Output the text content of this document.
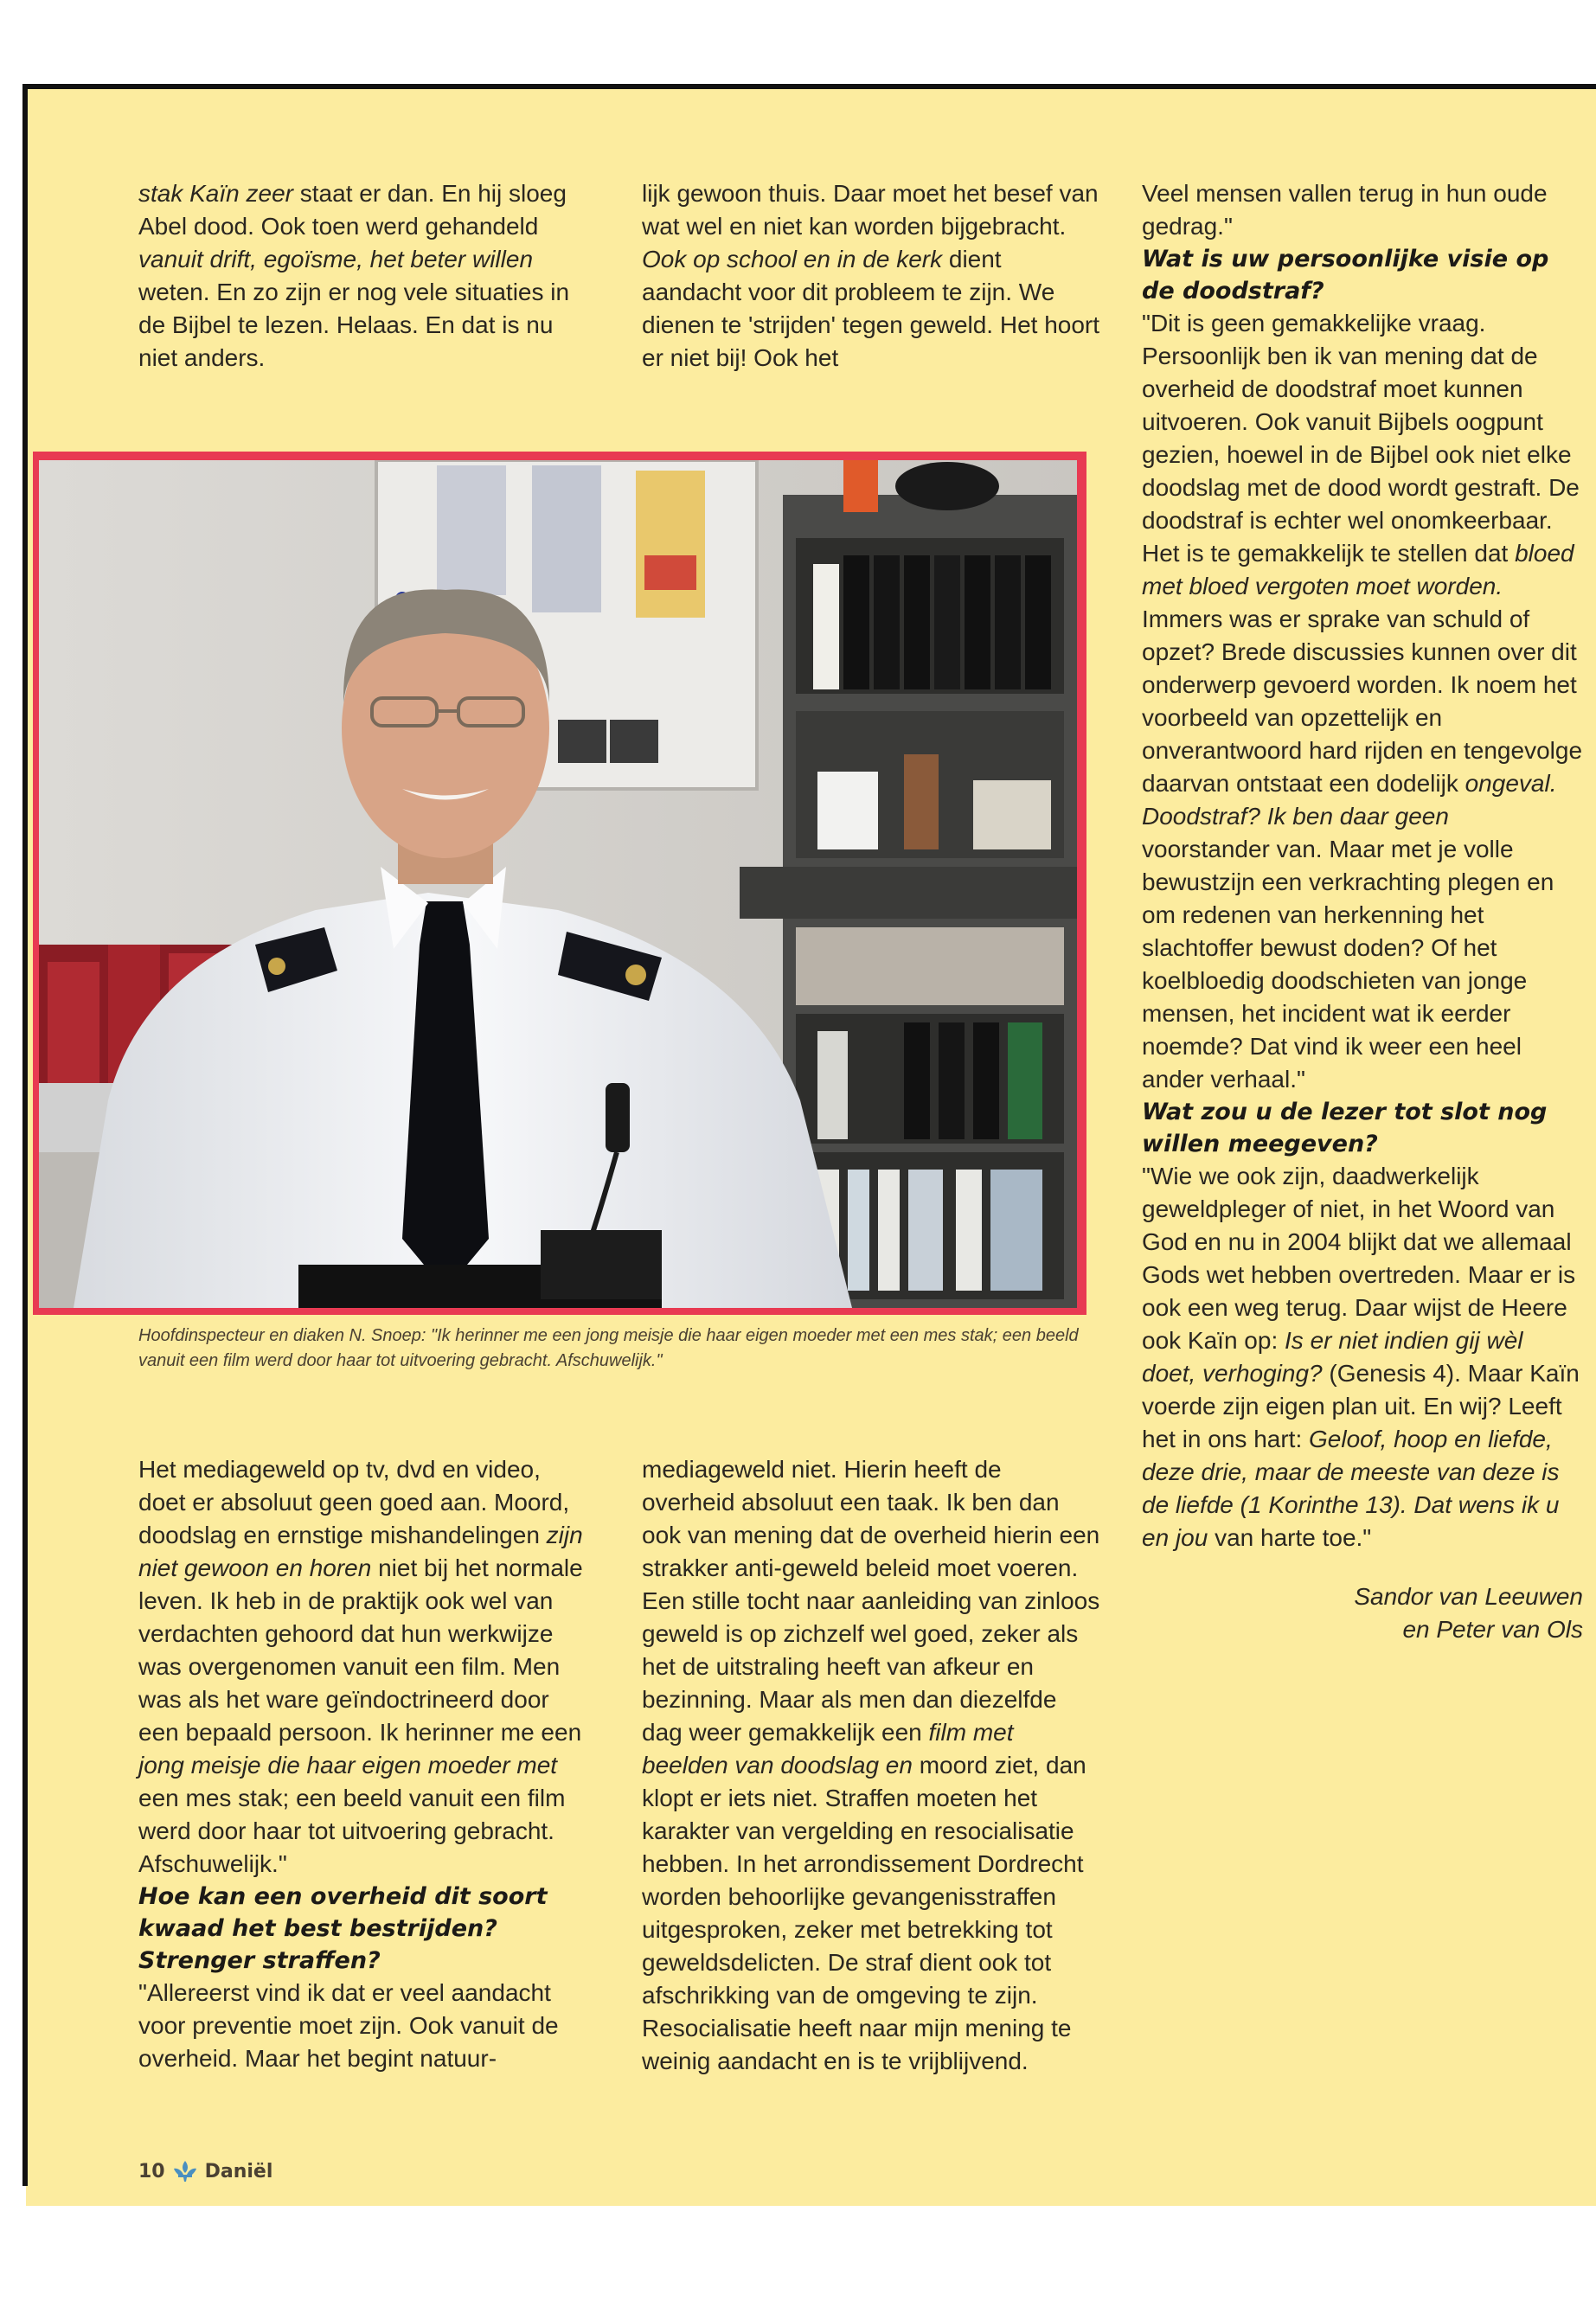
stak Kaïn zeer staat er dan. En hij sloeg Abel dood. Ook toen werd gehandeld vanuit drift, egoïsme, het beter willen weten. En zo zijn er nog vele situaties in de Bijbel te lezen. Helaas. En dat is nu niet anders.

lijk gewoon thuis. Daar moet het besef van wat wel en niet kan worden bijgebracht. Ook op school en in de kerk dient aandacht voor dit probleem te zijn. We dienen te 'strijden' tegen geweld. Het hoort er niet bij! Ook het

Veel mensen vallen terug in hun oude gedrag."

Wat is uw persoonlijke visie op de doodstraf?

"Dit is geen gemakkelijke vraag. Persoonlijk ben ik van mening dat de overheid de doodstraf moet kunnen uitvoeren. Ook vanuit Bijbels oogpunt gezien, hoewel in de Bijbel ook niet elke doodslag met de dood wordt gestraft. De doodstraf is echter wel onomkeerbaar. Het is te gemakkelijk te stellen dat bloed met bloed vergoten moet worden. Immers was er sprake van schuld of opzet? Brede discussies kunnen over dit onderwerp gevoerd worden. Ik noem het voorbeeld van opzettelijk en onverantwoord hard rijden en tengevolge daarvan ontstaat een dodelijk ongeval. Doodstraf? Ik ben daar geen voorstander van. Maar met je volle bewustzijn een verkrachting plegen en om redenen van herkenning het slachtoffer bewust doden? Of het koelbloedig doodschieten van jonge mensen, het incident wat ik eerder noemde? Dat vind ik weer een heel ander verhaal."

Wat zou u de lezer tot slot nog willen meegeven?

"Wie we ook zijn, daadwerkelijk geweldpleger of niet, in het Woord van God en nu in 2004 blijkt dat we allemaal Gods wet hebben overtreden. Maar er is ook een weg terug. Daar wijst de Heere ook Kaïn op: Is er niet indien gij wèl doet, verhoging? (Genesis 4). Maar Kaïn voerde zijn eigen plan uit. En wij? Leeft het in ons hart: Geloof, hoop en liefde, deze drie, maar de meeste van deze is de liefde (1 Korinthe 13). Dat wens ik u en jou van harte toe."

Sandor van Leeuwen
en Peter van Ols
Hoofdinspecteur en diaken N. Snoep: "Ik herinner me een jong meisje die haar eigen moeder met een mes stak; een beeld vanuit een film werd door haar tot uitvoering gebracht. Afschuwelijk."

Het mediageweld op tv, dvd en video, doet er absoluut geen goed aan. Moord, doodslag en ernstige mishandelingen zijn niet gewoon en horen niet bij het normale leven. Ik heb in de praktijk ook wel van verdachten gehoord dat hun werkwijze was overgenomen vanuit een film. Men was als het ware geïndoctrineerd door een bepaald persoon. Ik herinner me een jong meisje die haar eigen moeder met een mes stak; een beeld vanuit een film werd door haar tot uitvoering gebracht. Afschuwelijk."

Hoe kan een overheid dit soort kwaad het best bestrijden? Strenger straffen?

"Allereerst vind ik dat er veel aandacht voor preventie moet zijn. Ook vanuit de overheid. Maar het begint natuur-

mediageweld niet. Hierin heeft de overheid absoluut een taak. Ik ben dan ook van mening dat de overheid hierin een strakker anti-geweld beleid moet voeren.

Een stille tocht naar aanleiding van zinloos geweld is op zichzelf wel goed, zeker als het de uitstraling heeft van afkeur en bezinning. Maar als men dan diezelfde dag weer gemakkelijk een film met beelden van doodslag en moord ziet, dan klopt er iets niet. Straffen moeten het karakter van vergelding en resocialisatie hebben. In het arrondissement Dordrecht worden behoorlijke gevangenisstraffen uitgesproken, zeker met betrekking tot geweldsdelicten. De straf dient ook tot afschrikking van de omgeving te zijn. Resocialisatie heeft naar mijn mening te weinig aandacht en is te vrijblijvend.

10 Daniël
